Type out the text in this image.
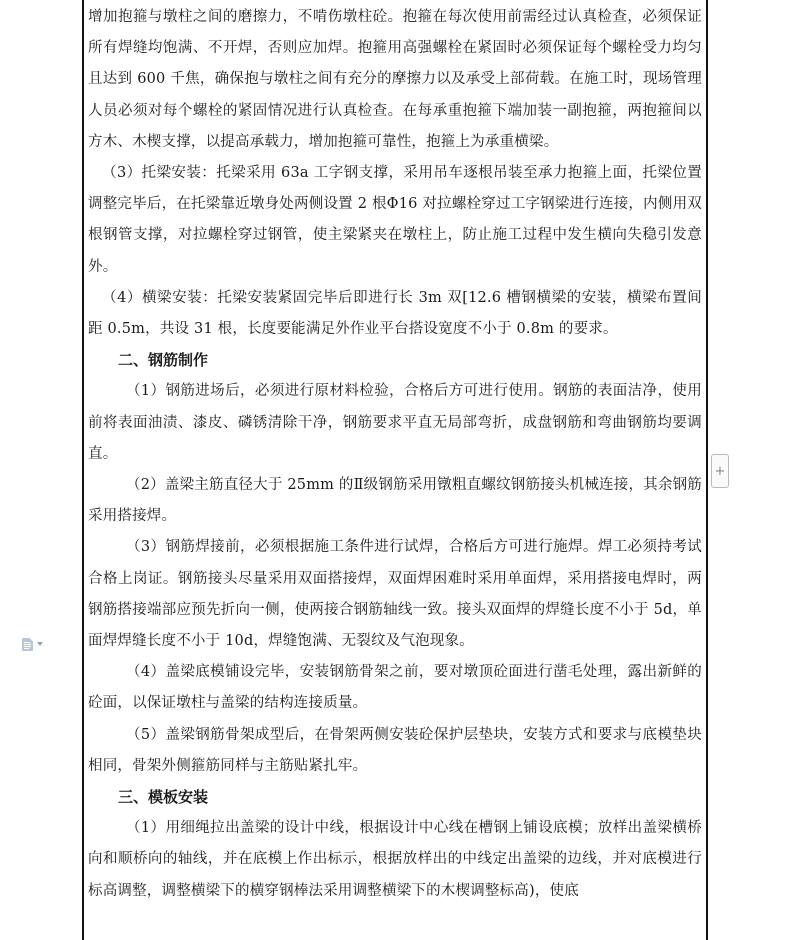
增加抱箍与墩柱之间的磨擦力，不啃伤墩柱砼。抱箍在每次使用前需经过认真检查，必须保证所有焊缝均饱满、不开焊，否则应加焊。抱箍用高强螺栓在紧固时必须保证每个螺栓受力均匀且达到 600 千焦，确保抱与墩柱之间有充分的摩擦力以及承受上部荷载。在施工时，现场管理人员必须对每个螺栓的紧固情况进行认真检查。在每承重抱箍下端加装一副抱箍，两抱箍间以方木、木楔支撑，以提高承载力，增加抱箍可靠性，抱箍上为承重横梁。

（3）托梁安装：托梁采用 63a 工字钢支撑，采用吊车逐根吊装至承力抱箍上面，托梁位置调整完毕后，在托梁靠近墩身处两侧设置 2 根Φ16 对拉螺栓穿过工字钢梁进行连接，内侧用双根钢管支撑，对拉螺栓穿过钢管，使主梁紧夹在墩柱上，防止施工过程中发生横向失稳引发意外。

（4）横梁安装：托梁安装紧固完毕后即进行长 3m 双[12.6 槽钢横梁的安装，横梁布置间距 0.5m，共设 31 根，长度要能满足外作业平台搭设宽度不小于 0.8m 的要求。

二、钢筋制作

（1）钢筋进场后，必须进行原材料检验，合格后方可进行使用。钢筋的表面洁净，使用前将表面油渍、漆皮、磷锈清除干净，钢筋要求平直无局部弯折，成盘钢筋和弯曲钢筋均要调直。

（2）盖梁主筋直径大于 25mm 的Ⅱ级钢筋采用镦粗直螺纹钢筋接头机械连接，其余钢筋采用搭接焊。

（3）钢筋焊接前，必须根据施工条件进行试焊，合格后方可进行施焊。焊工必须持考试合格上岗证。钢筋接头尽量采用双面搭接焊，双面焊困难时采用单面焊，采用搭接电焊时，两钢筋搭接端部应预先折向一侧，使两接合钢筋轴线一致。接头双面焊的焊缝长度不小于 5d，单面焊焊缝长度不小于 10d，焊缝饱满、无裂纹及气泡现象。

（4）盖梁底模铺设完毕，安装钢筋骨架之前，要对墩顶砼面进行凿毛处理，露出新鲜的砼面，以保证墩柱与盖梁的结构连接质量。

（5）盖梁钢筋骨架成型后，在骨架两侧安装砼保护层垫块，安装方式和要求与底模垫块相同，骨架外侧箍筋同样与主筋贴紧扎牢。

三、模板安装

（1）用细绳拉出盖梁的设计中线，根据设计中心线在槽钢上铺设底模；放样出盖梁横桥向和顺桥向的轴线，并在底模上作出标示，根据放样出的中线定出盖梁的边线，并对底模进行标高调整，调整横梁下的横穿钢棒法采用调整横梁下的木楔调整标高)，使底

+
